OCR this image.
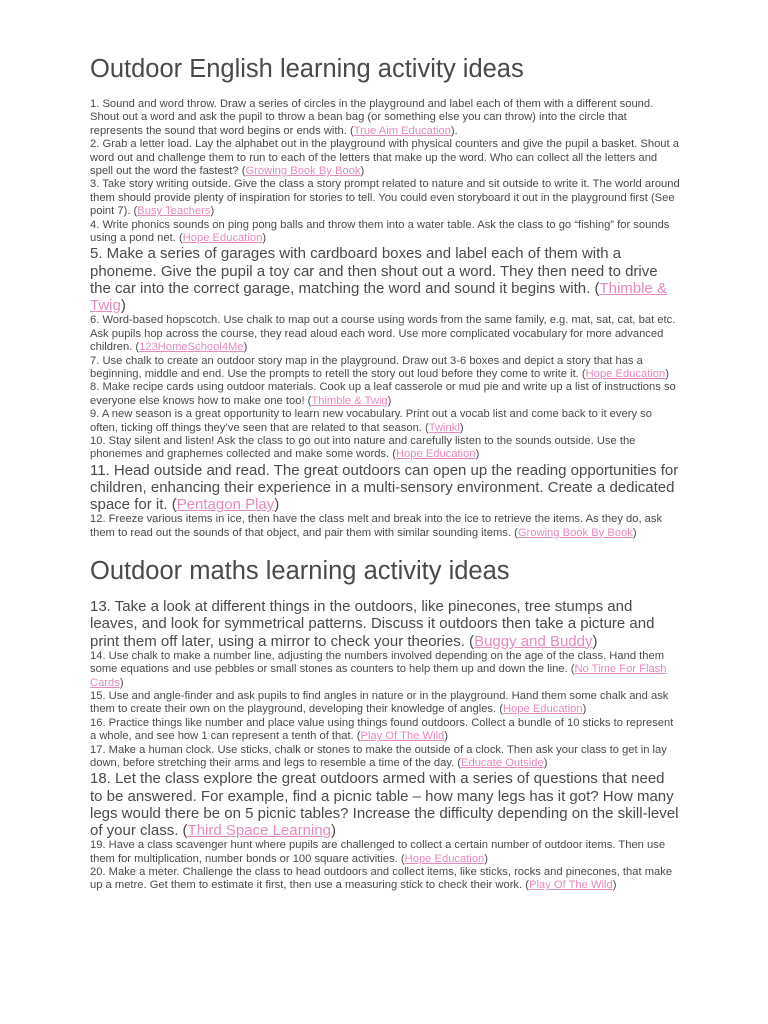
Outdoor English learning activity ideas

1. Sound and word throw. Draw a series of circles in the playground and label each of them with a different sound. Shout out a word and ask the pupil to throw a bean bag (or something else you can throw) into the circle that represents the sound that word begins or ends with. (True Aim Education).

2. Grab a letter load. Lay the alphabet out in the playground with physical counters and give the pupil a basket. Shout a word out and challenge them to run to each of the letters that make up the word. Who can collect all the letters and spell out the word the fastest? (Growing Book By Book)

3. Take story writing outside. Give the class a story prompt related to nature and sit outside to write it. The world around them should provide plenty of inspiration for stories to tell. You could even storyboard it out in the playground first (See point 7). (Busy Teachers)

4. Write phonics sounds on ping pong balls and throw them into a water table. Ask the class to go “fishing” for sounds using a pond net. (Hope Education)

5. Make a series of garages with cardboard boxes and label each of them with a phoneme. Give the pupil a toy car and then shout out a word. They then need to drive the car into the correct garage, matching the word and sound it begins with. (Thimble & Twig)

6. Word-based hopscotch. Use chalk to map out a course using words from the same family, e.g. mat, sat, cat, bat etc. Ask pupils hop across the course, they read aloud each word. Use more complicated vocabulary for more advanced children. (123HomeSchool4Me)

7. Use chalk to create an outdoor story map in the playground. Draw out 3-6 boxes and depict a story that has a beginning, middle and end. Use the prompts to retell the story out loud before they come to write it. (Hope Education)

8. Make recipe cards using outdoor materials. Cook up a leaf casserole or mud pie and write up a list of instructions so everyone else knows how to make one too! (Thimble & Twig)

9. A new season is a great opportunity to learn new vocabulary. Print out a vocab list and come back to it every so often, ticking off things they’ve seen that are related to that season. (Twinkl)

10. Stay silent and listen! Ask the class to go out into nature and carefully listen to the sounds outside. Use the phonemes and graphemes collected and make some words. (Hope Education)

11. Head outside and read. The great outdoors can open up the reading opportunities for children, enhancing their experience in a multi-sensory environment. Create a dedicated space for it. (Pentagon Play)

12. Freeze various items in ice, then have the class melt and break into the ice to retrieve the items. As they do, ask them to read out the sounds of that object, and pair them with similar sounding items. (Growing Book By Book)

Outdoor maths learning activity ideas

13. Take a look at different things in the outdoors, like pinecones, tree stumps and leaves, and look for symmetrical patterns. Discuss it outdoors then take a picture and print them off later, using a mirror to check your theories. (Buggy and Buddy)

14. Use chalk to make a number line, adjusting the numbers involved depending on the age of the class. Hand them some equations and use pebbles or small stones as counters to help them up and down the line. (No Time For Flash Cards)

15. Use and angle-finder and ask pupils to find angles in nature or in the playground. Hand them some chalk and ask them to create their own on the playground, developing their knowledge of angles. (Hope Education)

16. Practice things like number and place value using things found outdoors. Collect a bundle of 10 sticks to represent a whole, and see how 1 can represent a tenth of that. (Play Of The Wild)

17. Make a human clock. Use sticks, chalk or stones to make the outside of a clock. Then ask your class to get in lay down, before stretching their arms and legs to resemble a time of the day. (Educate Outside)

18. Let the class explore the great outdoors armed with a series of questions that need to be answered. For example, find a picnic table – how many legs has it got? How many legs would there be on 5 picnic tables? Increase the difficulty depending on the skill-level of your class. (Third Space Learning)

19. Have a class scavenger hunt where pupils are challenged to collect a certain number of outdoor items. Then use them for multiplication, number bonds or 100 square activities. (Hope Education)

20. Make a meter. Challenge the class to head outdoors and collect items, like sticks, rocks and pinecones, that make up a metre. Get them to estimate it first, then use a measuring stick to check their work. (Play Of The Wild)
